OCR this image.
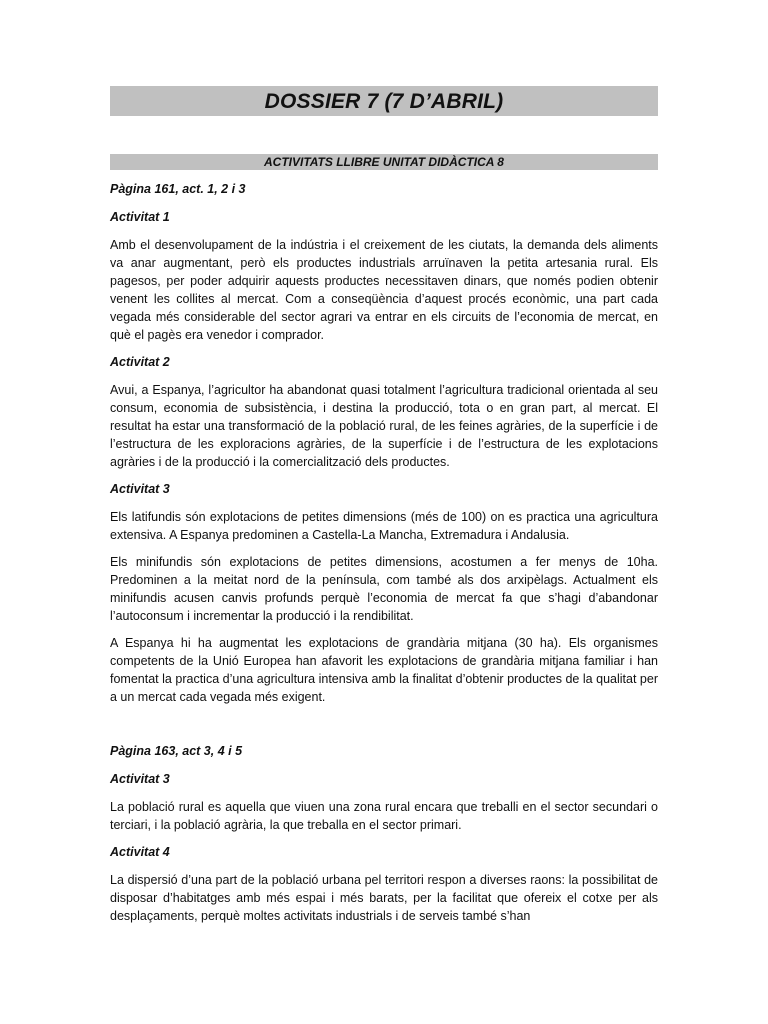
DOSSIER 7 (7 D’ABRIL)
ACTIVITATS LLIBRE UNITAT DIDÀCTICA 8

Pàgina 161, act. 1, 2 i 3

Activitat 1

Amb el desenvolupament de la indústria i el creixement de les ciutats, la demanda dels aliments va anar augmentant, però els productes industrials arruïnaven la petita artesania rural. Els pagesos, per poder adquirir aquests productes necessitaven dinars, que només podien obtenir venent les collites al mercat. Com a conseqüència d’aquest procés econòmic, una part cada vegada més considerable del sector agrari va entrar en els circuits de l’economia de mercat, en què el pagès era venedor i comprador.

Activitat 2

Avui, a Espanya, l’agricultor ha abandonat quasi totalment l’agricultura tradicional orientada al seu consum, economia de subsistència, i destina la producció, tota o en gran part, al mercat. El resultat ha estar una transformació de la població rural, de les feines agràries, de la superfície i de l’estructura de les exploracions agràries, de la superfície i de l’estructura de les explotacions agràries i de la producció i la comercialització dels productes.

Activitat 3

Els latifundis són explotacions de petites dimensions (més de 100) on es practica una agricultura extensiva. A Espanya predominen a Castella-La Mancha, Extremadura i Andalusia.

Els minifundis són explotacions de petites dimensions, acostumen a fer menys de 10ha. Predominen a la meitat nord de la península, com també als dos arxipèlags. Actualment els minifundis acusen canvis profunds perquè l’economia de mercat fa que s’hagi d’abandonar l’autoconsum i incrementar la producció i la rendibilitat.

A Espanya hi ha augmentat les explotacions de grandària mitjana (30 ha). Els organismes competents de la Unió Europea han afavorit les explotacions de grandària mitjana familiar i han fomentat la practica d’una agricultura intensiva amb la finalitat d’obtenir productes de la qualitat per a un mercat cada vegada més exigent.

Pàgina 163, act 3, 4 i 5

Activitat 3

La població rural es aquella que viuen una zona rural encara que treballi en el sector secundari o terciari, i la població agrària, la que treballa en el sector primari.

Activitat 4

La dispersió d’una part de la població urbana pel territori respon a diverses raons: la possibilitat de disposar d’habitatges amb més espai i més barats, per la facilitat que ofereix el cotxe per als desplaçaments, perquè moltes activitats industrials i de serveis també s’han
